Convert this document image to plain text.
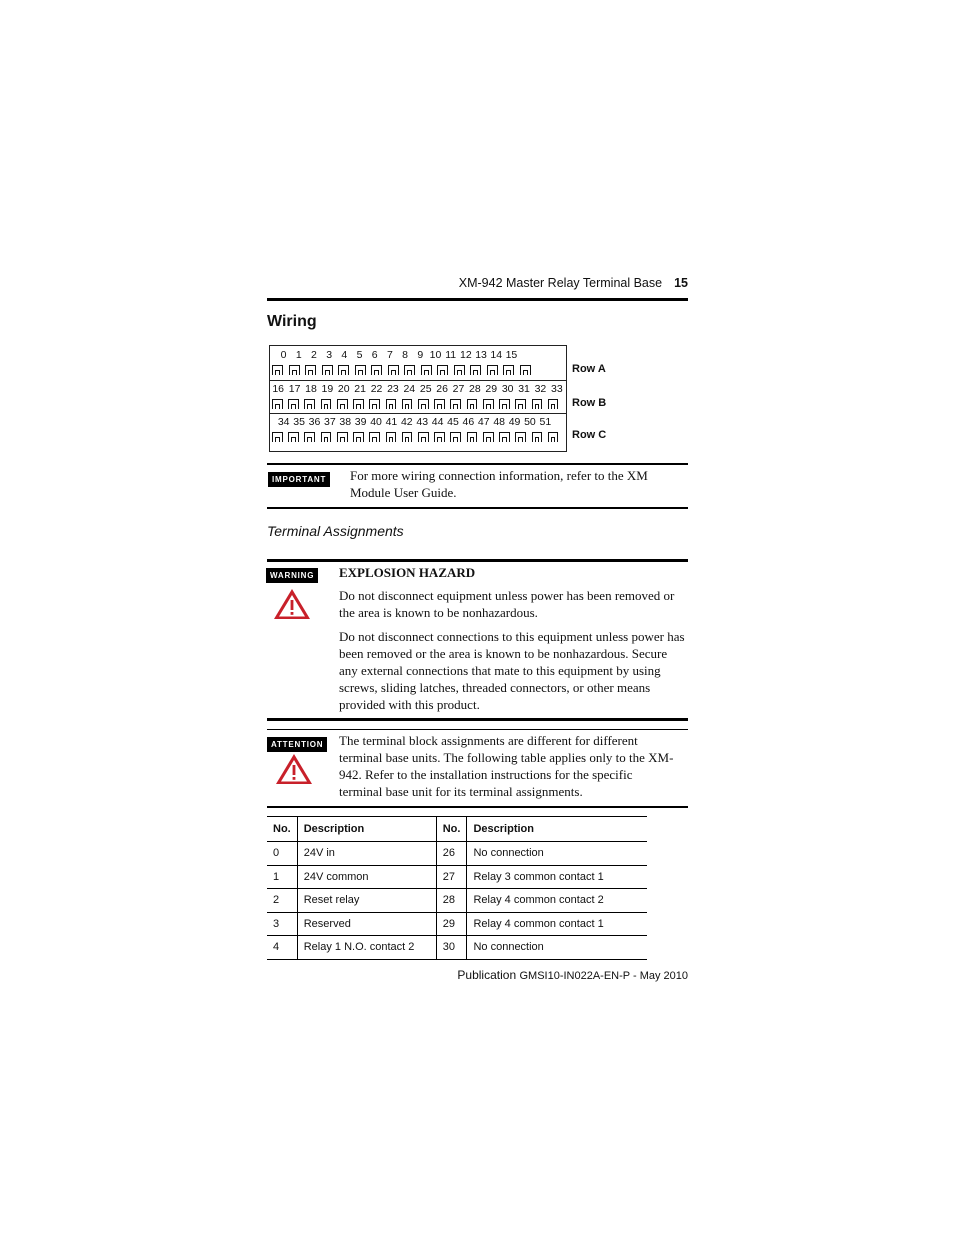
XM-942 Master Relay Terminal Base 15
Wiring
0 1 2 3 4 5 6 7 8 9 10 11 12 13 14 15
16 17 18 19 20 21 22 23 24 25 26 27 28 29 30 31 32 33
34 35 36 37 38 39 40 41 42 43 44 45 46 47 48 49 50 51
Row A
Row B
Row C
IMPORTANT	For more wiring connection information, refer to the XM Module User Guide.
Terminal Assignments
WARNING	EXPLOSION HAZARD
Do not disconnect equipment unless power has been removed or the area is known to be nonhazardous.
Do not disconnect connections to this equipment unless power has been removed or the area is known to be nonhazardous. Secure any external connections that mate to this equipment by using screws, sliding latches, threaded connectors, or other means provided with this product.
ATTENTION	The terminal block assignments are different for different terminal base units. The following table applies only to the XM-942. Refer to the installation instructions for the specific terminal base unit for its terminal assignments.
No.	Description	No.	Description
0	24V in	26	No connection
1	24V common	27	Relay 3 common contact 1
2	Reset relay	28	Relay 4 common contact 2
3	Reserved	29	Relay 4 common contact 1
4	Relay 1 N.O. contact 2	30	No connection
Publication GMSI10-IN022A-EN-P - May 2010
